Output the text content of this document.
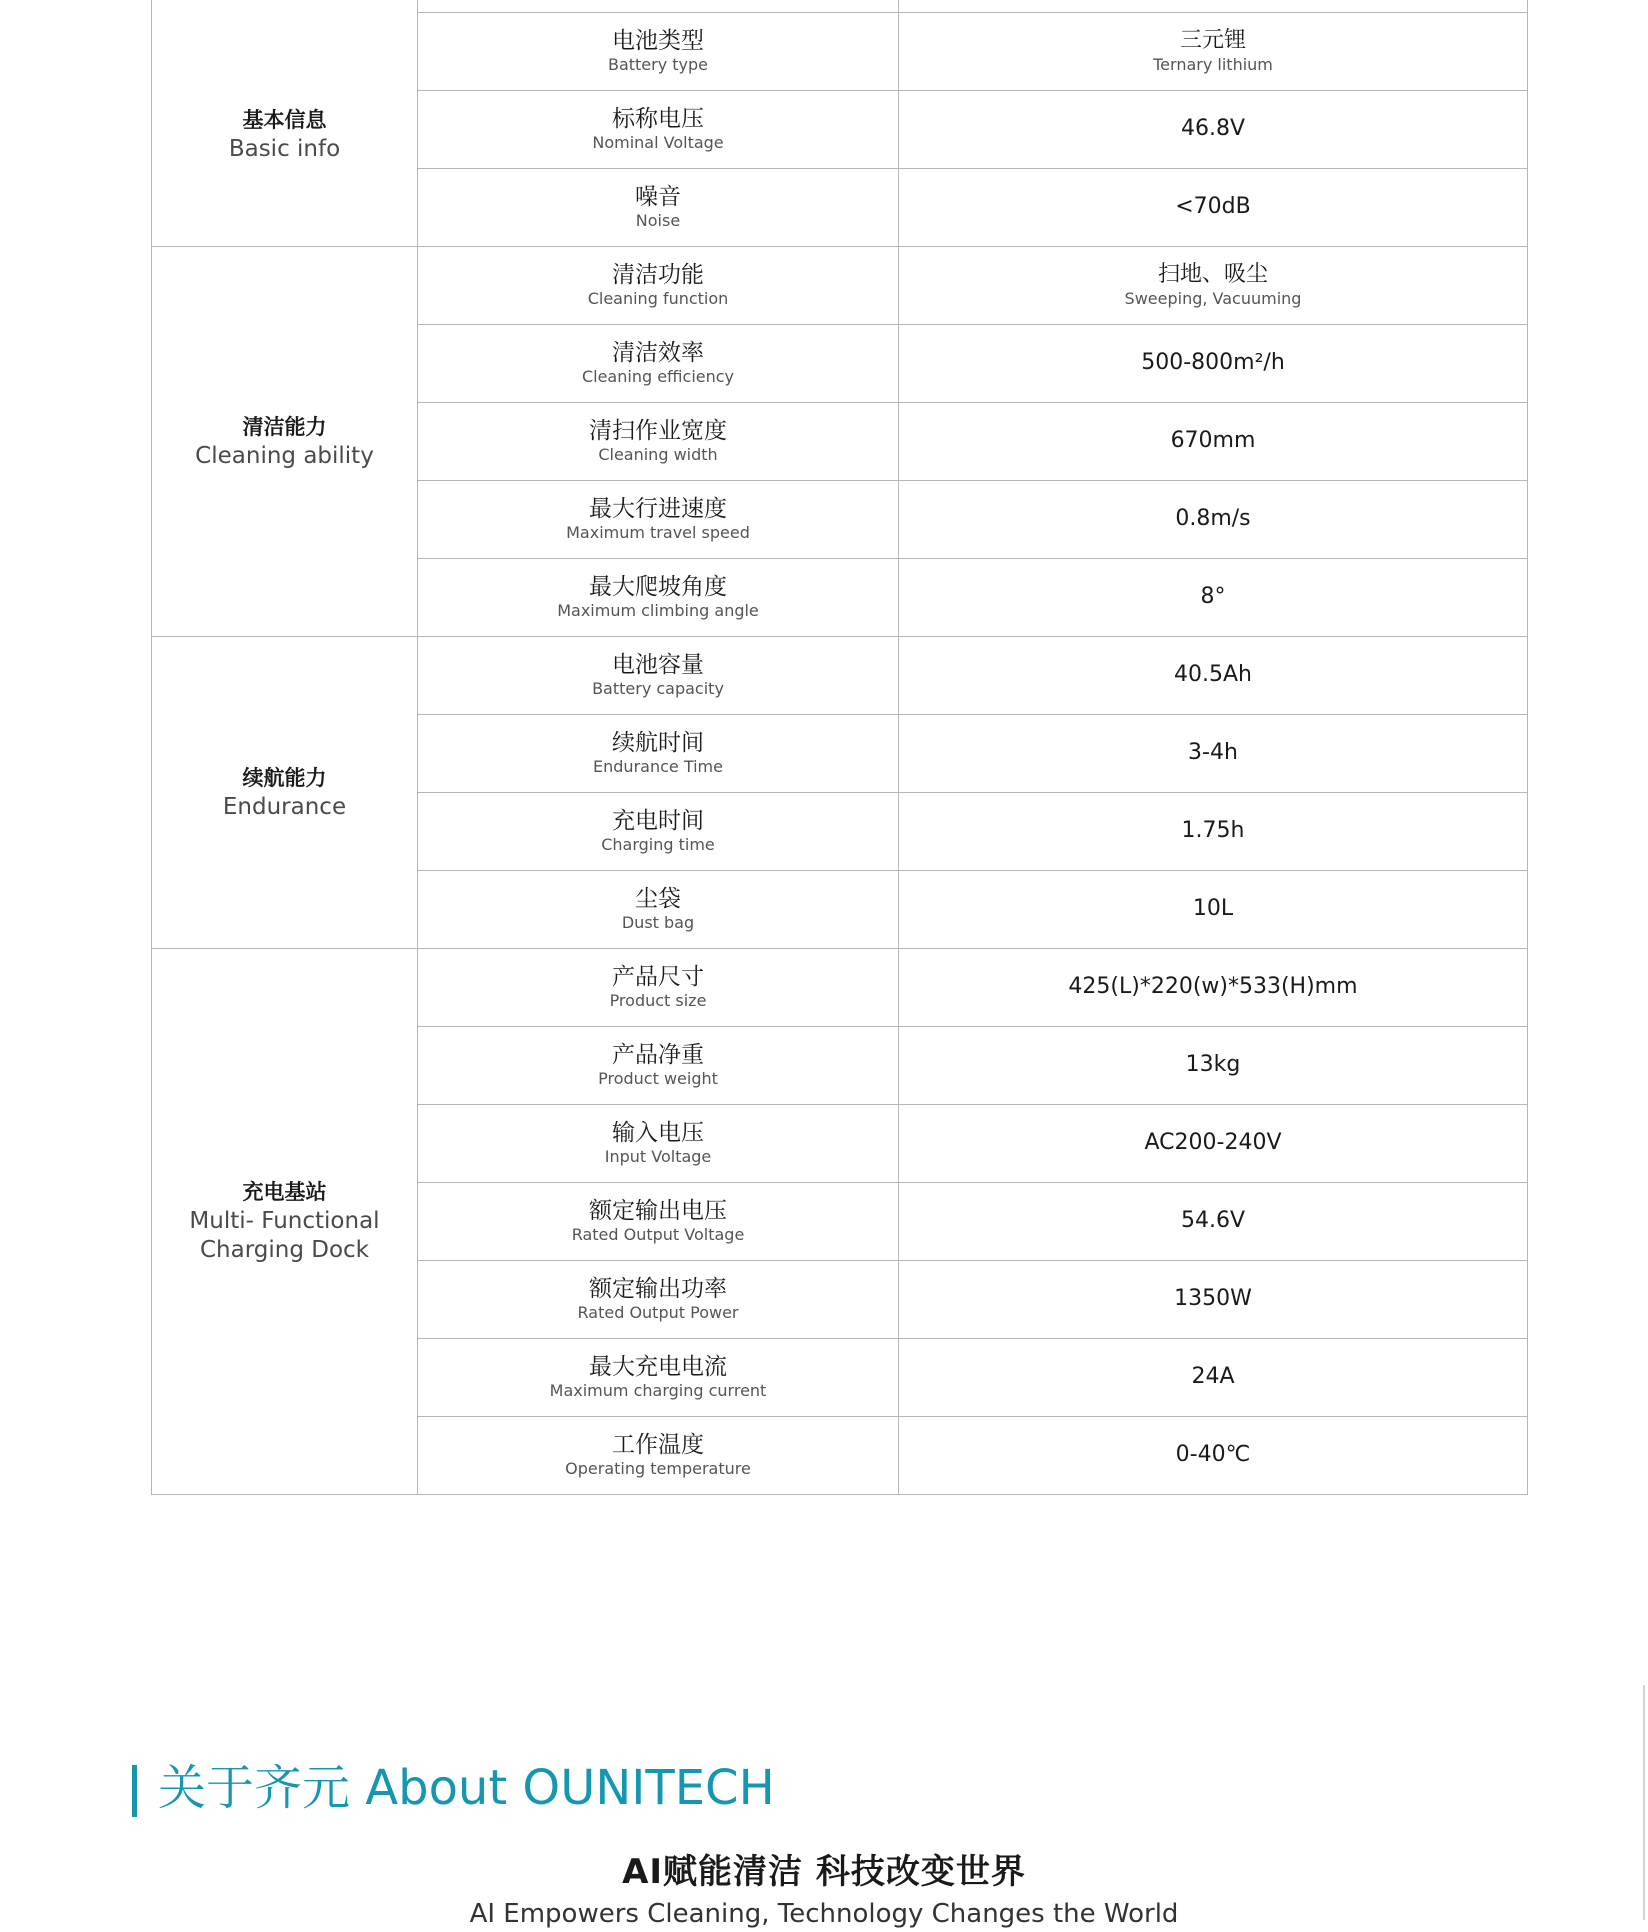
基本信息
Basic info		

	电池类型
Battery type	三元锂
Ternary lithium

	标称电压
Nominal Voltage	46.8V

	噪音
Noise	<70dB

清洁能力
Cleaning ability	清洁功能
Cleaning function	扫地、吸尘
Sweeping, Vacuuming

	清洁效率
Cleaning efficiency	500-800m²/h

	清扫作业宽度
Cleaning width	670mm

	最大行进速度
Maximum travel speed	0.8m/s

	最大爬坡角度
Maximum climbing angle	8°

续航能力
Endurance	电池容量
Battery capacity	40.5Ah

	续航时间
Endurance Time	3-4h

	充电时间
Charging time	1.75h

	尘袋
Dust bag	10L

充电基站
Multi- Functional
Charging Dock	产品尺寸
Product size	425(L)*220(w)*533(H)mm

	产品净重
Product weight	13kg

	输入电压
Input Voltage	AC200-240V

	额定输出电压
Rated Output Voltage	54.6V

	额定输出功率
Rated Output Power	1350W

	最大充电电流
Maximum charging current	24A

	工作温度
Operating temperature	0-40℃
关于齐元 About OUNITECH
AI赋能清洁 科技改变世界
AI Empowers Cleaning, Technology Changes the World
